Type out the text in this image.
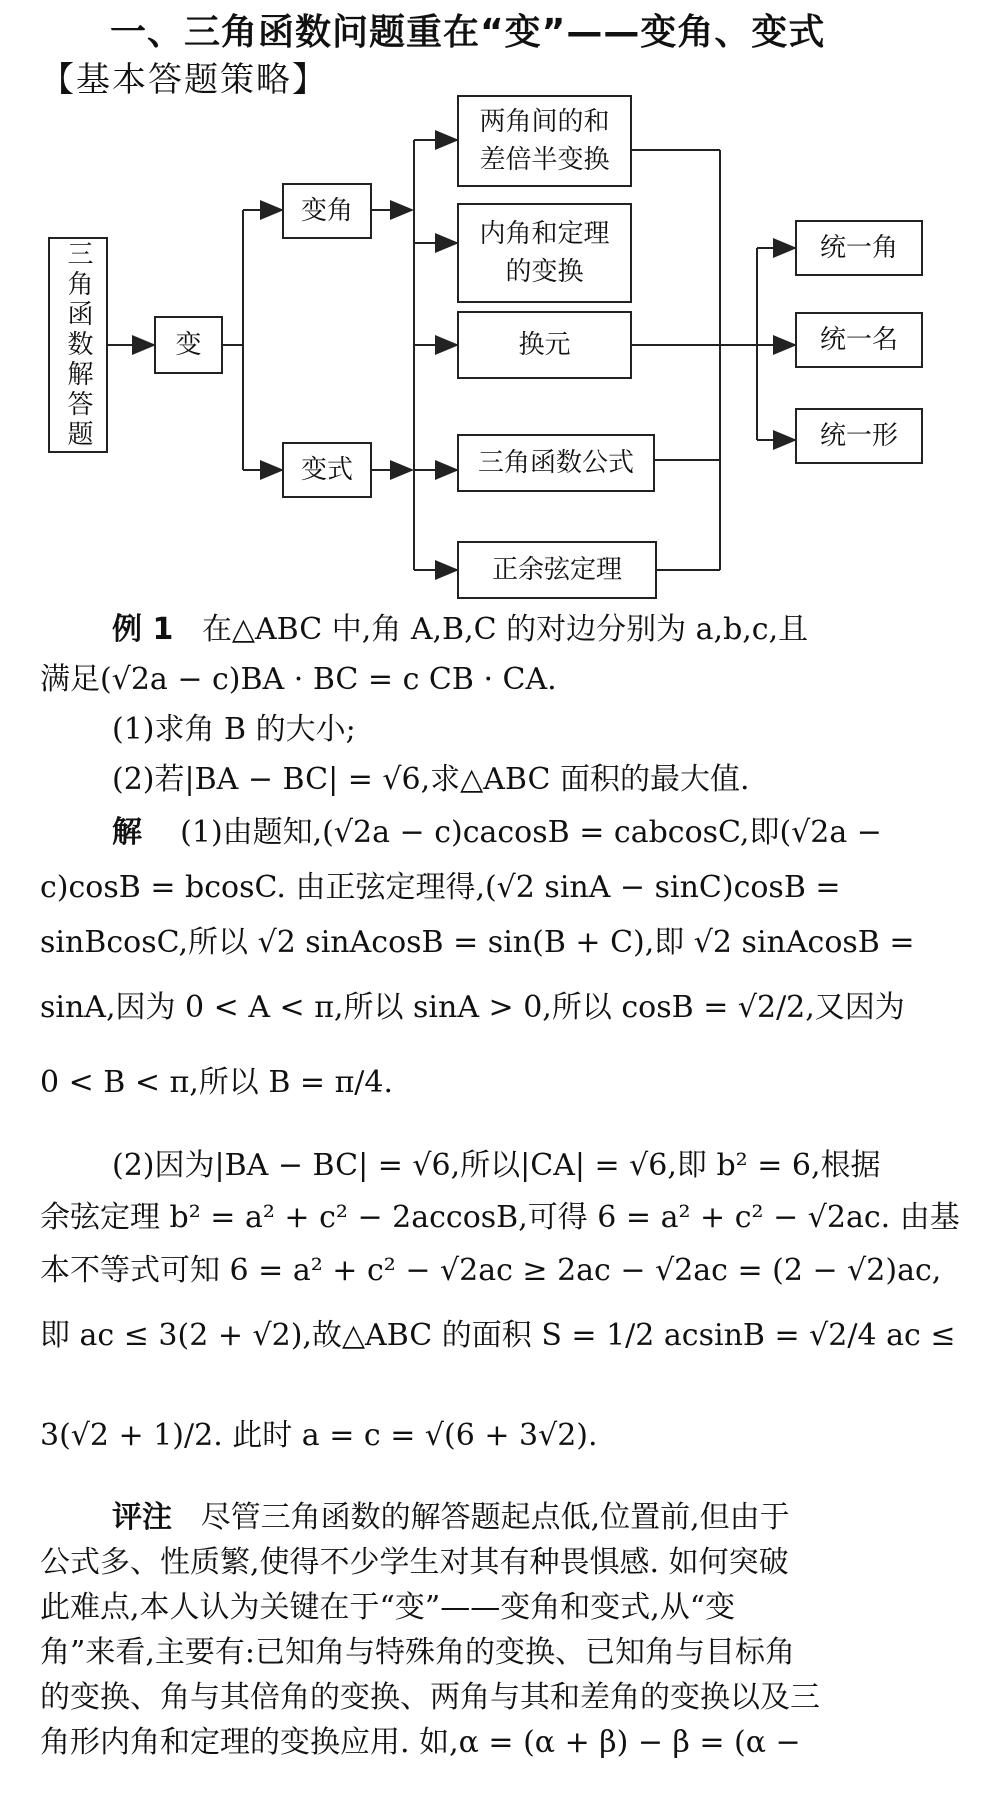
一、三角函数问题重在“变”——变角、变式
【基本答题策略】
三角函数解答题	变
变角
变式
两角间的和
差倍半变换
内角和定理
的变换
换元
三角函数公式
正余弦定理
统一角
统一名
统一形
例 1 在△ABC 中,角 A,B,C 的对边分别为 a,b,c,且
满足(√2a − c)BA · BC = c CB · CA.
(1)求角 B 的大小;
(2)若|BA − BC| = √6,求△ABC 面积的最大值.
解 (1)由题知,(√2a − c)cacosB = cabcosC,即(√2a −
c)cosB = bcosC. 由正弦定理得,(√2 sinA − sinC)cosB =
sinBcosC,所以 √2 sinAcosB = sin(B + C),即 √2 sinAcosB =
sinA,因为 0 < A < π,所以 sinA > 0,所以 cosB = √2/2,又因为
0 < B < π,所以 B = π/4.
(2)因为|BA − BC| = √6,所以|CA| = √6,即 b² = 6,根据
余弦定理 b² = a² + c² − 2accosB,可得 6 = a² + c² − √2ac. 由基
本不等式可知 6 = a² + c² − √2ac ≥ 2ac − √2ac = (2 − √2)ac,
即 ac ≤ 3(2 + √2),故△ABC 的面积 S = 1/2 acsinB = √2/4 ac ≤
3(√2 + 1)/2. 此时 a = c = √(6 + 3√2).
评注 尽管三角函数的解答题起点低,位置前,但由于
公式多、性质繁,使得不少学生对其有种畏惧感. 如何突破
此难点,本人认为关键在于“变”——变角和变式,从“变
角”来看,主要有:已知角与特殊角的变换、已知角与目标角
的变换、角与其倍角的变换、两角与其和差角的变换以及三
角形内角和定理的变换应用. 如,α = (α + β) − β = (α −
